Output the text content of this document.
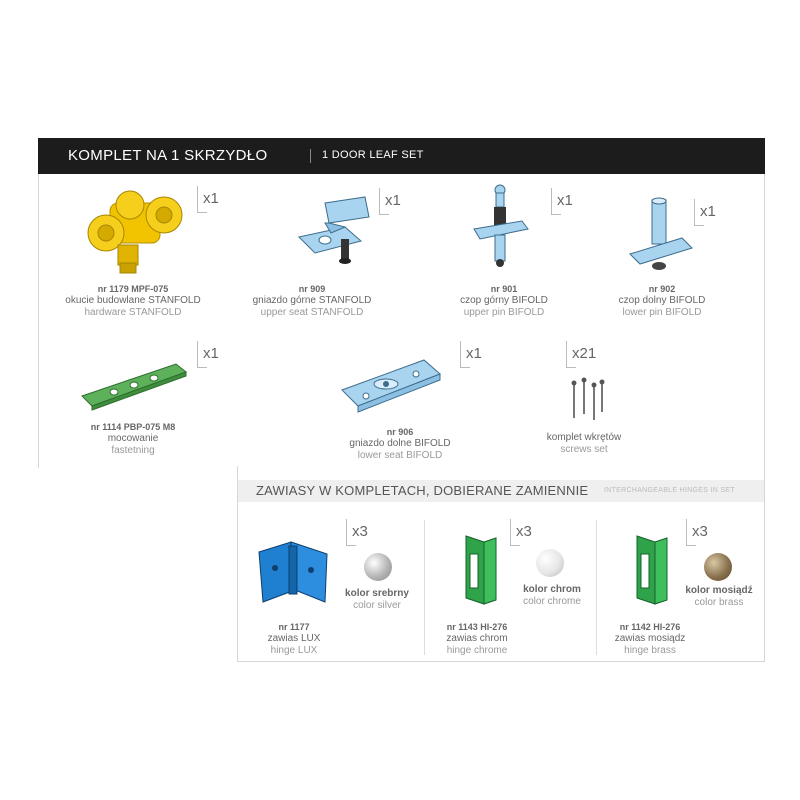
KOMPLET NA 1 SKRZYDŁO	1 DOOR LEAF SET
x1
nr 1179 MPF-075
okucie budowlane STANFOLD
hardware STANFOLD
x1
nr 909
gniazdo górne STANFOLD
upper seat STANFOLD
x1
nr 901
czop górny BIFOLD
upper pin BIFOLD
x1
nr 902
czop dolny BIFOLD
lower pin BIFOLD
x1
nr 1114 PBP-075 M8
mocowanie
fastetning
x1
nr 906
gniazdo dolne BIFOLD
lower seat BIFOLD
x21
komplet wkrętów
screws set
ZAWIASY W KOMPLETACH, DOBIERANE ZAMIENNIE INTERCHANGEABLE HINGES IN SET
x3
kolor srebrny
color silver
nr 1177
zawias LUX
hinge LUX
x3
kolor chrom
color chrome
nr 1143 HI-276
zawias chrom
hinge chrome
x3
kolor mosiądź
color brass
nr 1142 HI-276
zawias mosiądz
hinge brass
